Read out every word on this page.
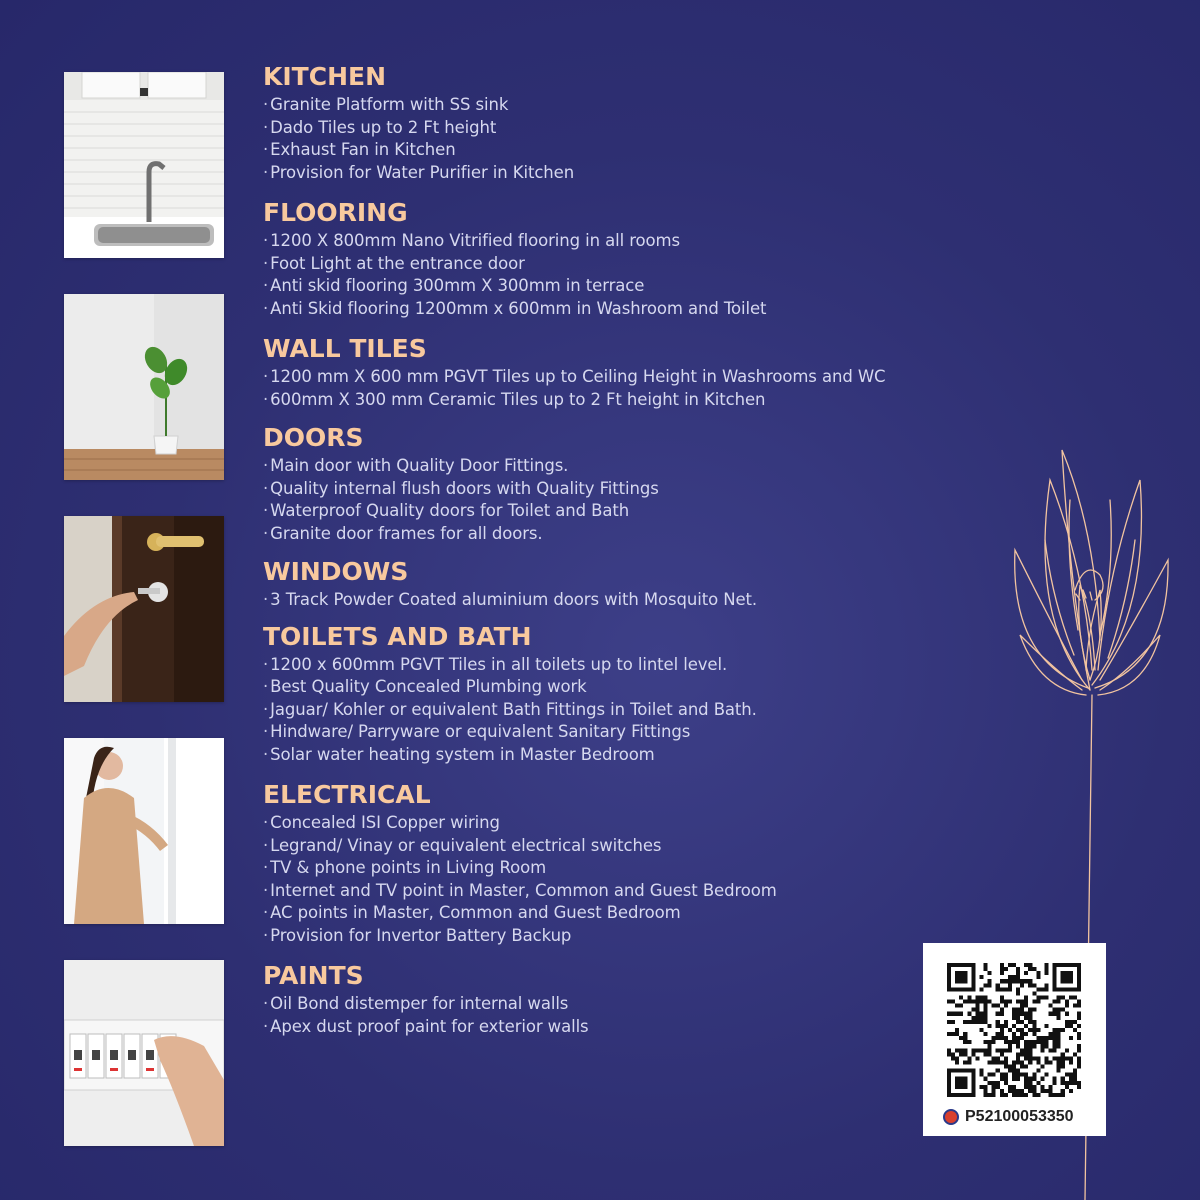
KITCHEN
· Granite Platform with SS sink
· Dado Tiles up to 2 Ft height
· Exhaust Fan in Kitchen
· Provision for Water Purifier in Kitchen
FLOORING
· 1200 X 800mm Nano Vitrified flooring in all rooms
· Foot Light at the entrance door
· Anti skid flooring 300mm X 300mm in terrace
· Anti Skid flooring 1200mm x 600mm in Washroom and Toilet
WALL TILES
· 1200 mm X 600 mm PGVT Tiles up to Ceiling Height in Washrooms and WC
· 600mm X 300 mm Ceramic Tiles up to 2 Ft height in Kitchen
DOORS
· Main door with Quality Door Fittings.
· Quality internal flush doors with Quality Fittings
· Waterproof Quality doors for Toilet and Bath
· Granite door frames for all doors.
WINDOWS
· 3 Track Powder Coated aluminium doors with Mosquito Net.
TOILETS AND BATH
· 1200 x 600mm PGVT Tiles in all toilets up to lintel level.
· Best Quality Concealed Plumbing work
· Jaguar/ Kohler or equivalent Bath Fittings in Toilet and Bath.
· Hindware/ Parryware or equivalent Sanitary Fittings
· Solar water heating system in Master Bedroom
ELECTRICAL
· Concealed ISI Copper wiring
· Legrand/ Vinay or equivalent electrical switches
· TV & phone points in Living Room
· Internet and TV point in Master, Common and Guest Bedroom
· AC points in Master, Common and Guest Bedroom
· Provision for Invertor Battery Backup
PAINTS
· Oil Bond distemper for internal walls
· Apex dust proof paint for exterior walls
P52100053350
